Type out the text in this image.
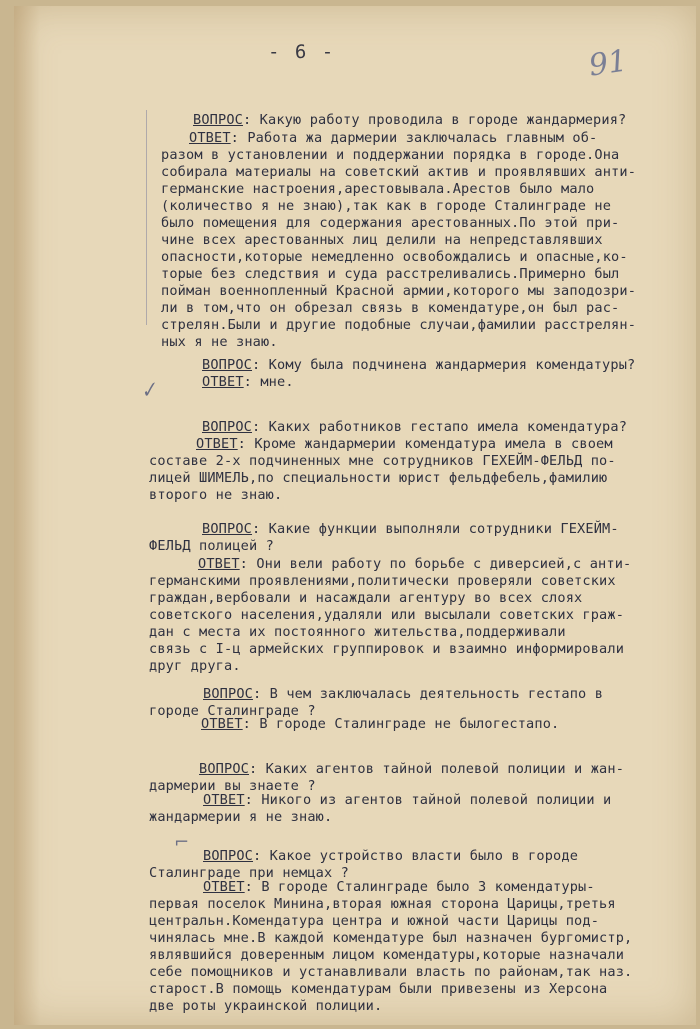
- 6 -	91
✓
⌐
ВОПРОС: Какую работу проводила в городе жандармерия?
ОТВЕТ: Работа жа дармерии заключалась главным об-
разом в установлении и поддержании порядка в городе.Она
собирала материалы на советский актив и проявлявших анти-
германские настроения,арестовывала.Арестов было мало
(количество я не знаю),так как в городе Сталинграде не
было помещения для содержания арестованных.По этой при-
чине всех арестованных лиц делили на непредставлявших
опасности,которые немедленно освобождались и опасные,ко-
торые без следствия и суда расстреливались.Примерно был
пойман военнопленный Красной армии,которого мы заподозри-
ли в том,что он обрезал связь в комендатуре,он был рас-
стрелян.Были и другие подобные случаи,фамилии расстрелян-
ных я не знаю.
ВОПРОС: Кому была подчинена жандармерия комендатуры?
ОТВЕТ: мне.
ВОПРОС: Каких работников гестапо имела комендатура?
ОТВЕТ: Кроме жандармерии комендатура имела в своем
составе 2-х подчиненных мне сотрудников ГЕХЕЙМ-ФЕЛЬД по-
лицей ШИМЕЛЬ,по специальности юрист фельдфебель,фамилию
второго не знаю.
ВОПРОС: Какие функции выполняли сотрудники ГЕХЕЙМ-
ФЕЛЬД полицей ?
ОТВЕТ: Они вели работу по борьбе с диверсией,с анти-
германскими проявлениями,политически проверяли советских
граждан,вербовали и насаждали агентуру во всех слоях
советского населения,удаляли или высылали советских граж-
дан с места их постоянного жительства,поддерживали
связь с I-ц армейских группировок и взаимно информировали
друг друга.
ВОПРОС: В чем заключалась деятельность гестапо в
городе Сталинграде ?
ОТВЕТ: В городе Сталинграде не былогестапо.
ВОПРОС: Каких агентов тайной полевой полиции и жан-
дармерии вы знаете ?
ОТВЕТ: Никого из агентов тайной полевой полиции и
жандармерии я не знаю.
ВОПРОС: Какое устройство власти было в городе
Сталинграде при немцах ?
ОТВЕТ: В городе Сталинграде было 3 комендатуры-
первая поселок Минина,вторая южная сторона Царицы,третья
центральн.Комендатура центра и южной части Царицы под-
чинялась мне.В каждой комендатуре был назначен бургомистр,
являвшийся доверенным лицом комендатуры,которые назначали
себе помощников и устанавливали власть по районам,так наз.
старост.В помощь комендатурам были привезены из Херсона
две роты украинской полиции.
